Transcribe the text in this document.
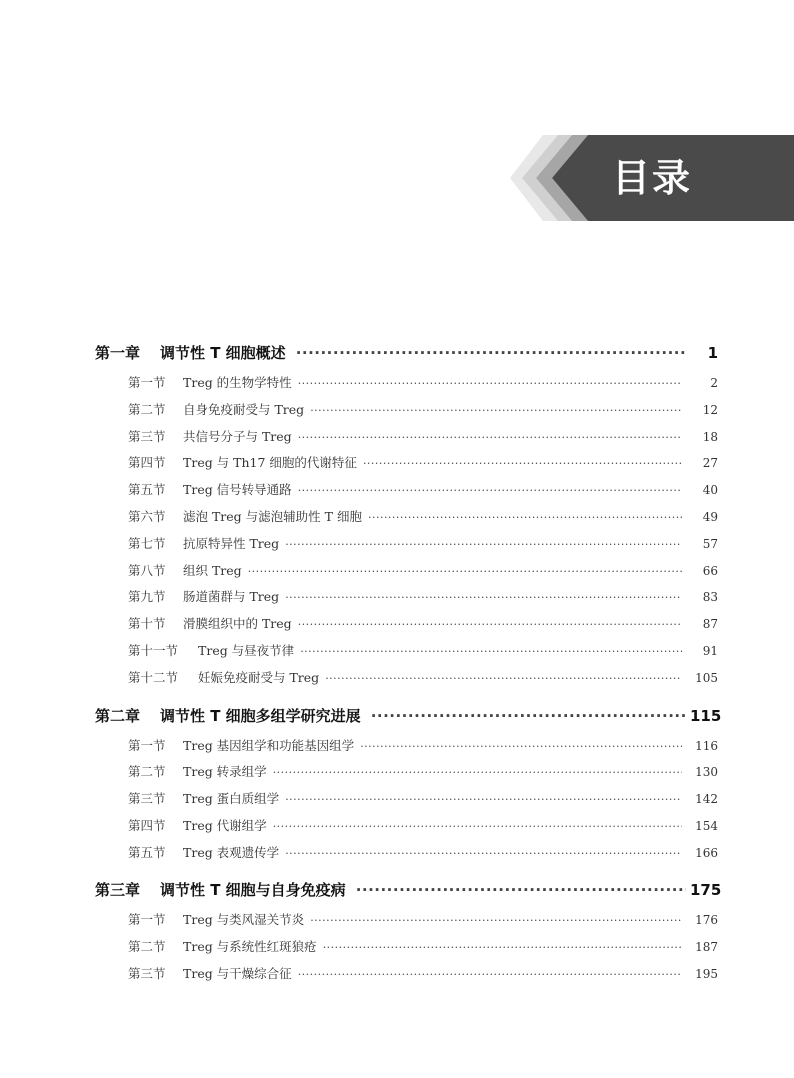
目录
第一章	调节性 T 细胞概述 ·····	1
第一节	Treg 的生物学特性 ·····	2
第二节	自身免疫耐受与 Treg ·····	12
第三节	共信号分子与 Treg ·····	18
第四节	Treg 与 Th17 细胞的代谢特征 ·····	27
第五节	Treg 信号转导通路 ·····	40
第六节	滤泡 Treg 与滤泡辅助性 T 细胞 ·····	49
第七节	抗原特异性 Treg ·····	57
第八节	组织 Treg ·····	66
第九节	肠道菌群与 Treg ·····	83
第十节	滑膜组织中的 Treg ·····	87
第十一节	Treg 与昼夜节律 ·····	91
第十二节	妊娠免疫耐受与 Treg ·····	105
第二章	调节性 T 细胞多组学研究进展 ·····	115
第一节	Treg 基因组学和功能基因组学 ·····	116
第二节	Treg 转录组学 ·····	130
第三节	Treg 蛋白质组学 ·····	142
第四节	Treg 代谢组学 ·····	154
第五节	Treg 表观遗传学 ·····	166
第三章	调节性 T 细胞与自身免疫病 ·····	175
第一节	Treg 与类风湿关节炎 ·····	176
第二节	Treg 与系统性红斑狼疮 ·····	187
第三节	Treg 与干燥综合征 ·····	195
